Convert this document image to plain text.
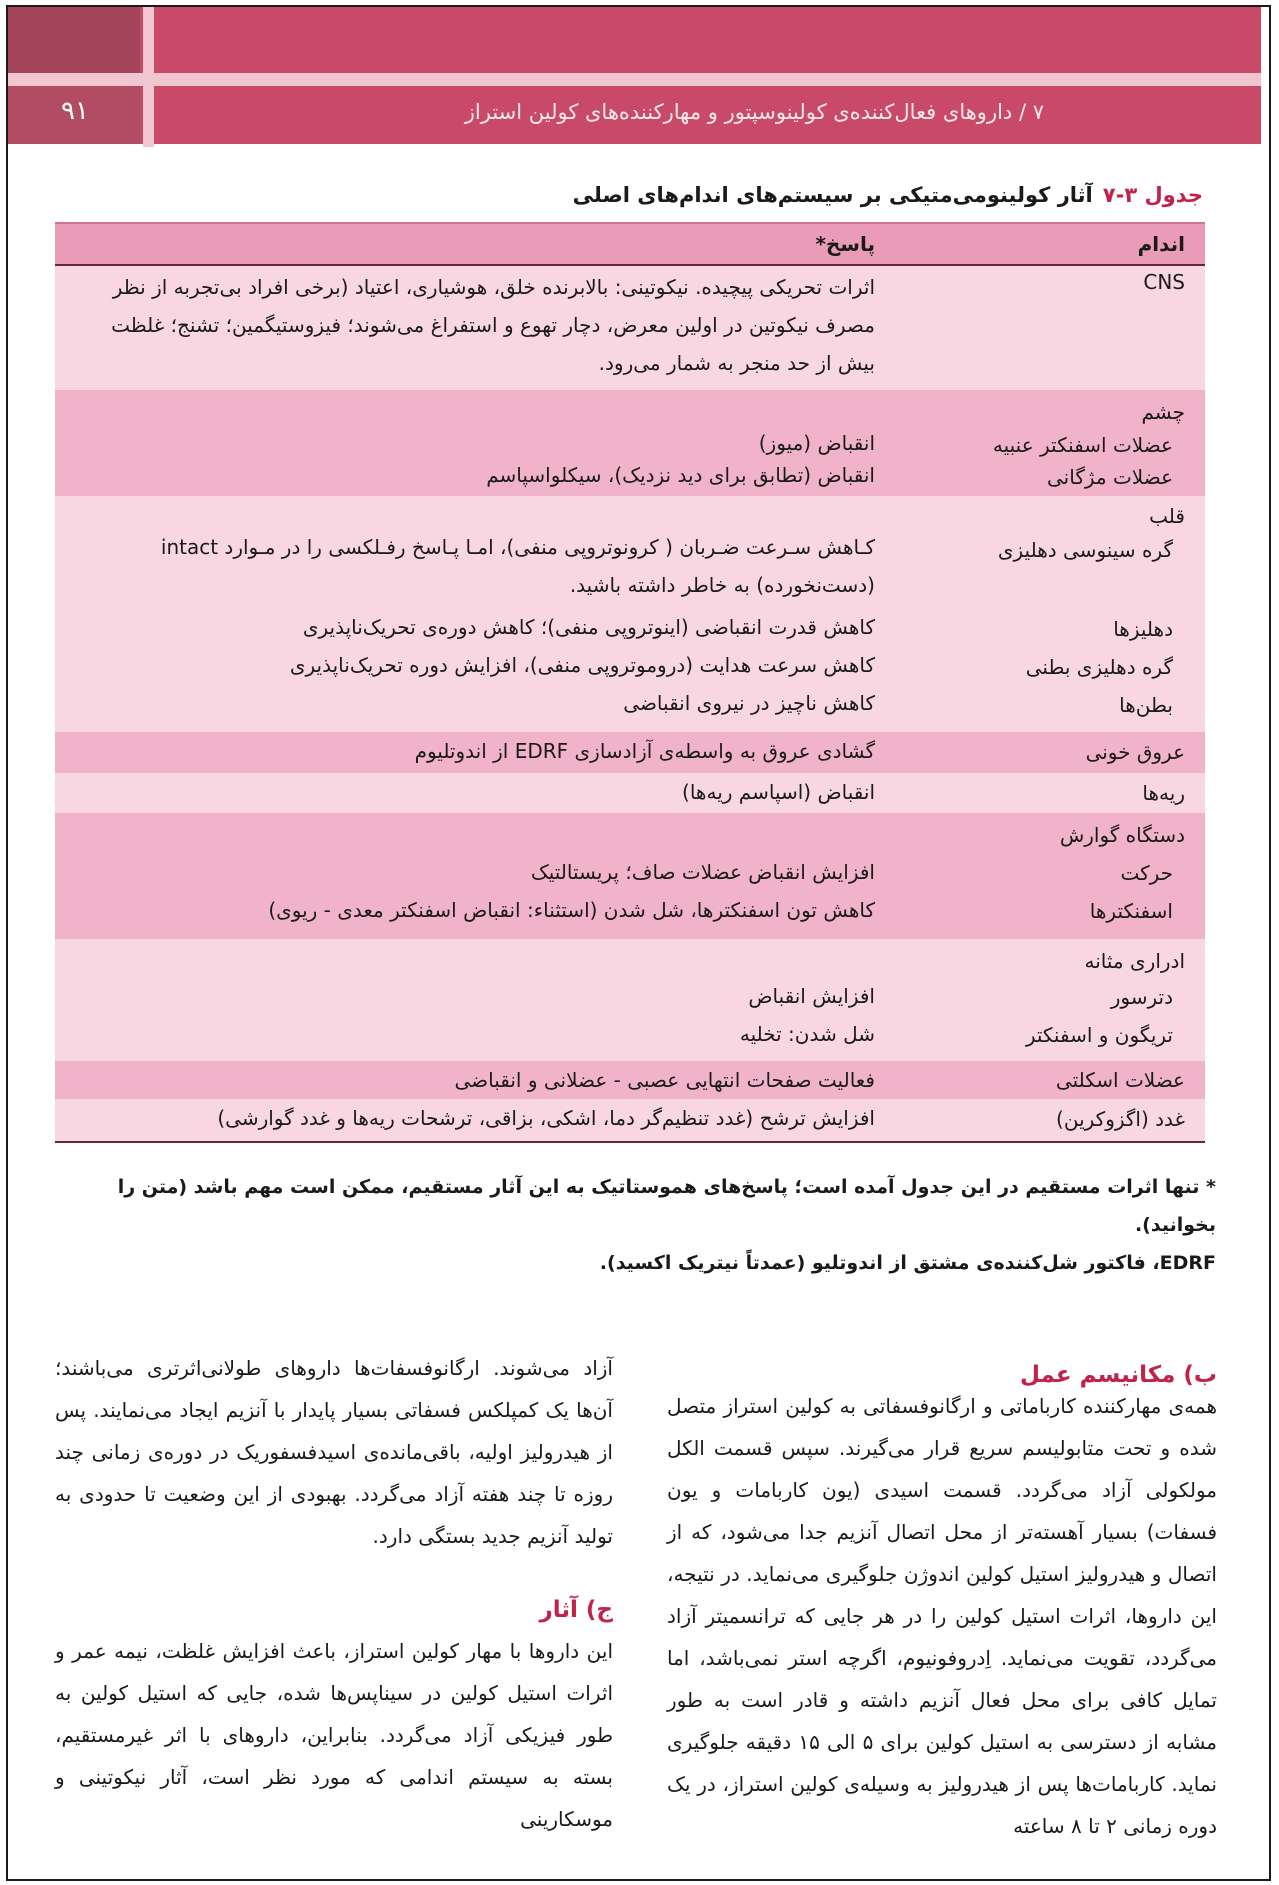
۹۱	۷ / داروهای فعال‌کننده‌ی کولینوسپتور و مهارکننده‌های کولین استراز
جدول ۳-۷آثار کولینومی‌متیکی بر سیستم‌های اندام‌های اصلی
اندام
پاسخ*
CNS
اثرات تحریکی پیچیده. نیکوتینی: بالابرنده خلق، هوشیاری، اعتیاد (برخی افراد بی‌تجربه از نظر مصرف نیکوتین در اولین معرض، دچار تهوع و استفراغ می‌شوند؛ فیزوستیگمین؛ تشنج؛ غلظت بیش از حد منجر به شمار می‌رود.
چشم
عضلات اسفنکتر عنبیه
انقباض (میوز)
عضلات مژگانی
انقباض (تطابق برای دید نزدیک)، سیکلواسپاسم
قلب
گره سینوسی دهلیزی
کـاهش سـرعت ضـربان ( کرونوتروپی منفی)، امـا پـاسخ رفـلکسی را در مـوارد intact (دست‌نخورده) به خاطر داشته باشید.
دهلیزها
کاهش قدرت انقباضی (اینوتروپی منفی)؛ کاهش دوره‌ی تحریک‌ناپذیری
گره دهلیزی بطنی
کاهش سرعت هدایت (دروموتروپی منفی)، افزایش دوره تحریک‌ناپذیری
بطن‌ها
کاهش ناچیز در نیروی انقباضی
عروق خونی
گشادی عروق به واسطه‌ی آزادسازی EDRF از اندوتلیوم
ریه‌ها
انقباض (اسپاسم ریه‌ها)
دستگاه گوارش
حرکت
افزایش انقباض عضلات صاف؛ پریستالتیک
اسفنکترها
کاهش تون اسفنکترها، شل شدن (استثناء: انقباض اسفنکتر معدی - ریوی)
ادراری مثانه
دترسور
افزایش انقباض
تریگون و اسفنکتر
شل شدن: تخلیه
عضلات اسکلتی
فعالیت صفحات انتهایی عصبی - عضلانی و انقباضی
غدد (اگزوکرین)
افزایش ترشح (غدد تنظیم‌گر دما، اشکی، بزاقی، ترشحات ریه‌ها و غدد گوارشی)
* تنها اثرات مستقیم در این جدول آمده است؛ پاسخ‌های هموستاتیک به این آثار مستقیم، ممکن است مهم باشد (متن را بخوانید).
EDRF، فاکتور شل‌کننده‌ی مشتق از اندوتلیو (عمدتاً نیتریک اکسید).
ب) مکانیسم عمل
همه‌ی مهارکننده کارباماتی و ارگانوفسفاتی به کولین استراز متصل شده و تحت متابولیسم سریع قرار می‌گیرند. سپس قسمت الکل مولکولی آزاد می‌گردد. قسمت اسیدی (یون کاربامات و یون فسفات) بسیار آهسته‌تر از محل اتصال آنزیم جدا می‌شود، که از اتصال و هیدرولیز استیل کولین اندوژن جلوگیری می‌نماید. در نتیجه، این داروها، اثرات استیل کولین را در هر جایی که ترانسمیتر آزاد می‌گردد، تقویت می‌نماید. اِدروفونیوم، اگرچه استر نمی‌باشد، اما تمایل کافی برای محل فعال آنزیم داشته و قادر است به طور مشابه از دسترسی به استیل کولین برای ۵ الی ۱۵ دقیقه جلوگیری نماید. کاربامات‌ها پس از هیدرولیز به وسیله‌ی کولین استراز، در یک دوره زمانی ۲ تا ۸ ساعته
آزاد می‌شوند. ارگانوفسفات‌ها داروهای طولانی‌اثرتری می‌باشند؛ آن‌ها یک کمپلکس فسفاتی بسیار پایدار با آنزیم ایجاد می‌نمایند. پس از هیدرولیز اولیه، باقی‌مانده‌ی اسیدفسفوریک در دوره‌ی زمانی چند روزه تا چند هفته آزاد می‌گردد. بهبودی از این وضعیت تا حدودی به تولید آنزیم جدید بستگی دارد.
ج) آثار
این داروها با مهار کولین استراز، باعث افزایش غلظت، نیمه عمر و اثرات استیل کولین در سیناپس‌ها شده، جایی که استیل کولین به طور فیزیکی آزاد می‌گردد. بنابراین، داروهای با اثر غیرمستقیم، بسته به سیستم اندامی که مورد نظر است، آثار نیکوتینی و موسکارینی
